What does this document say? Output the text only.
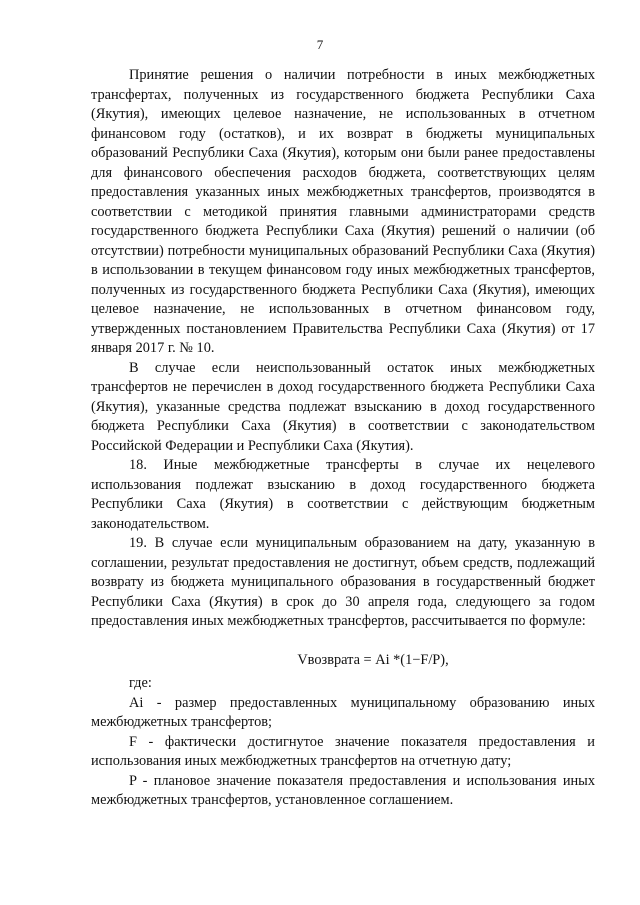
7

Принятие решения о наличии потребности в иных межбюджетных трансфертах, полученных из государственного бюджета Республики Саха (Якутия), имеющих целевое назначение, не использованных в отчетном финансовом году (остатков), и их возврат в бюджеты муниципальных образований Республики Саха (Якутия), которым они были ранее предоставлены для финансового обеспечения расходов бюджета, соответствующих целям предоставления указанных иных межбюджетных трансфертов, производятся в соответствии с методикой принятия главными администраторами средств государственного бюджета Республики Саха (Якутия) решений о наличии (об отсутствии) потребности муниципальных образований Республики Саха (Якутия) в использовании в текущем финансовом году иных межбюджетных трансфертов, полученных из государственного бюджета Республики Саха (Якутия), имеющих целевое назначение, не использованных в отчетном финансовом году, утвержденных постановлением Правительства Республики Саха (Якутия) от 17 января 2017 г. № 10.

В случае если неиспользованный остаток иных межбюджетных трансфертов не перечислен в доход государственного бюджета Республики Саха (Якутия), указанные средства подлежат взысканию в доход государственного бюджета Республики Саха (Якутия) в соответствии с законодательством Российской Федерации и Республики Саха (Якутия).

18. Иные межбюджетные трансферты в случае их нецелевого использования подлежат взысканию в доход государственного бюджета Республики Саха (Якутия) в соответствии с действующим бюджетным законодательством.

19. В случае если муниципальным образованием на дату, указанную в соглашении, результат предоставления не достигнут, объем средств, подлежащий возврату из бюджета муниципального образования в государственный бюджет Республики Саха (Якутия) в срок до 30 апреля года, следующего за годом предоставления иных межбюджетных трансфертов, рассчитывается по формуле:

Vвозврата = Ai *(1−F/P),

где:

Ai - размер предоставленных муниципальному образованию иных межбюджетных трансфертов;

F - фактически достигнутое значение показателя предоставления и использования иных межбюджетных трансфертов на отчетную дату;

P - плановое значение показателя предоставления и использования иных межбюджетных трансфертов, установленное соглашением.
